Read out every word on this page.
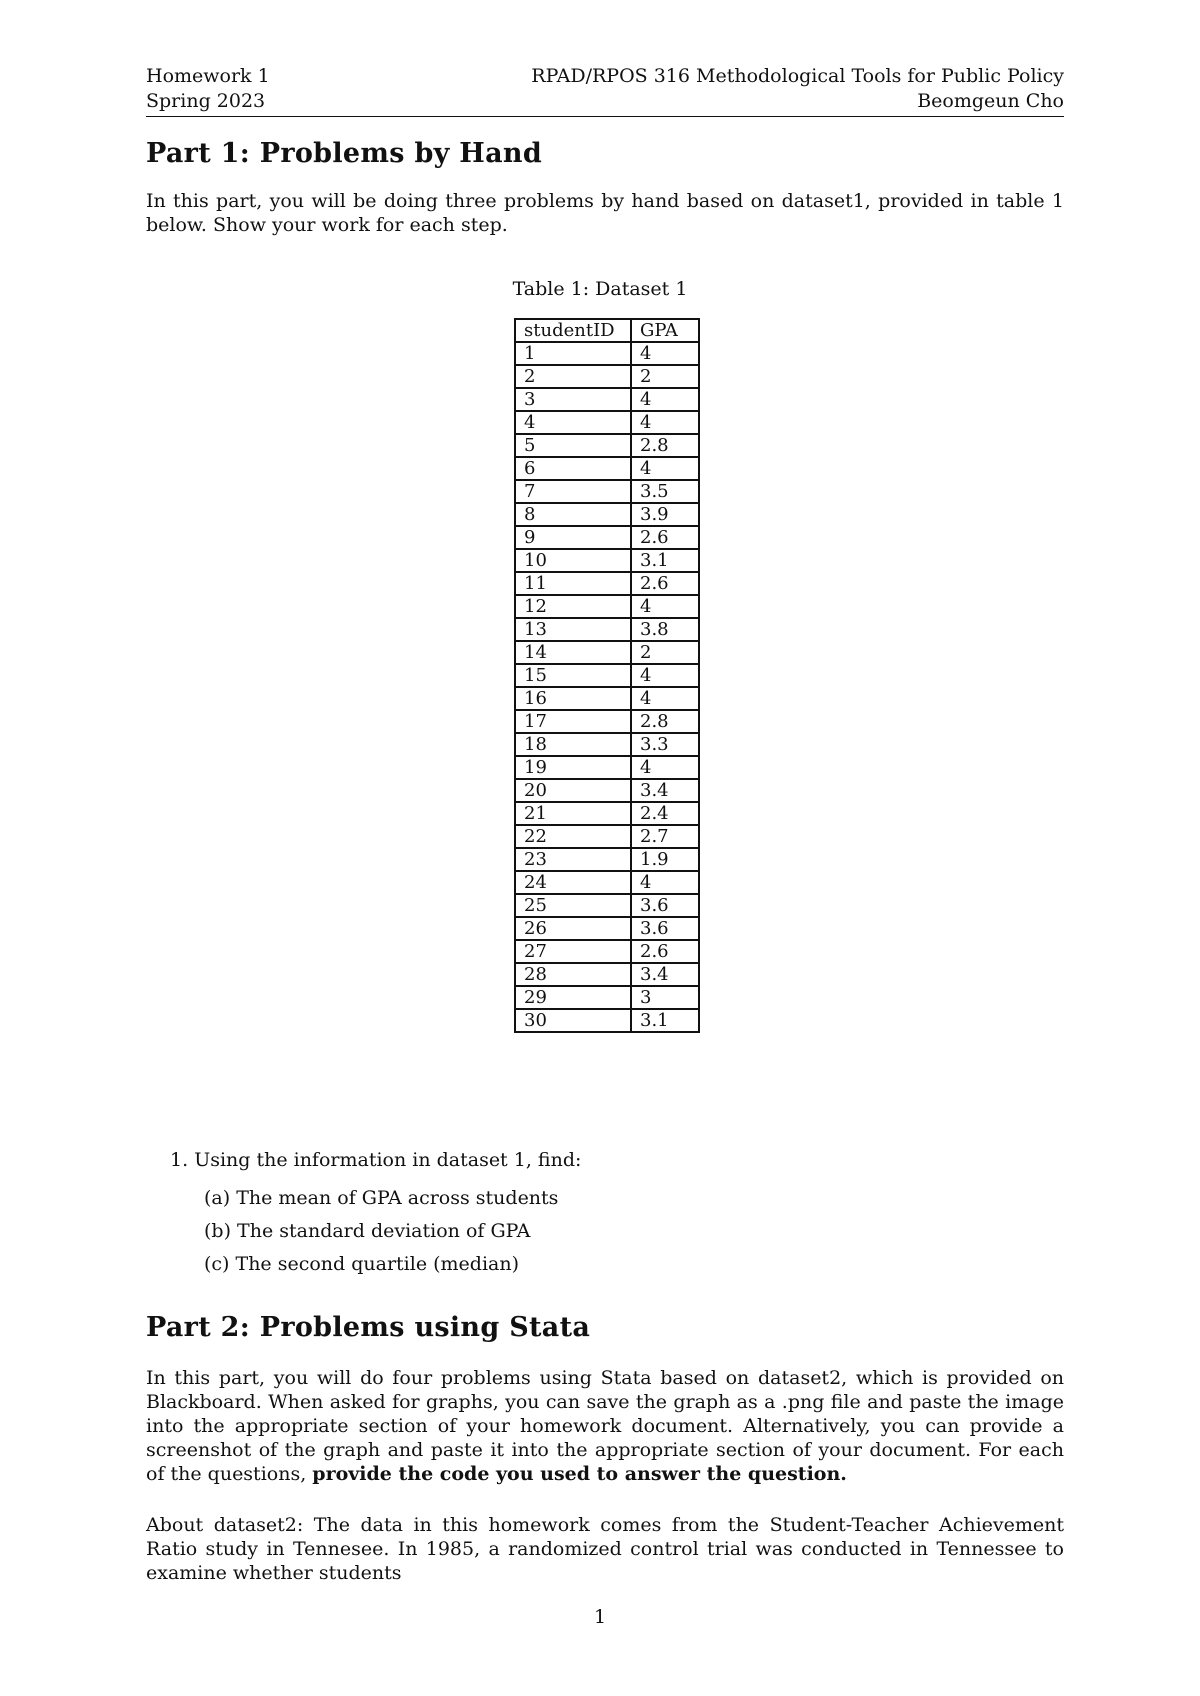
Homework 1	RPAD/RPOS 316 Methodological Tools for Public Policy
Spring 2023	Beomgeun Cho
Part 1: Problems by Hand

In this part, you will be doing three problems by hand based on dataset1, provided in table 1 below. Show your work for each step.

Table 1: Dataset 1
studentID	GPA
1	4
2	2
3	4
4	4
5	2.8
6	4
7	3.5
8	3.9
9	2.6
10	3.1
11	2.6
12	4
13	3.8
14	2
15	4
16	4
17	2.8
18	3.3
19	4
20	3.4
21	2.4
22	2.7
23	1.9
24	4
25	3.6
26	3.6
27	2.6
28	3.4
29	3
30	3.1
1. Using the information in dataset 1, find:
(a) The mean of GPA across students
(b) The standard deviation of GPA
(c) The second quartile (median)
Part 2: Problems using Stata

In this part, you will do four problems using Stata based on dataset2, which is provided on Blackboard. When asked for graphs, you can save the graph as a .png file and paste the image into the appropriate section of your homework document. Alternatively, you can provide a screenshot of the graph and paste it into the appropriate section of your document. For each of the questions, provide the code you used to answer the question.

About dataset2: The data in this homework comes from the Student-Teacher Achievement Ratio study in Tennesee. In 1985, a randomized control trial was conducted in Tennessee to examine whether students

1
